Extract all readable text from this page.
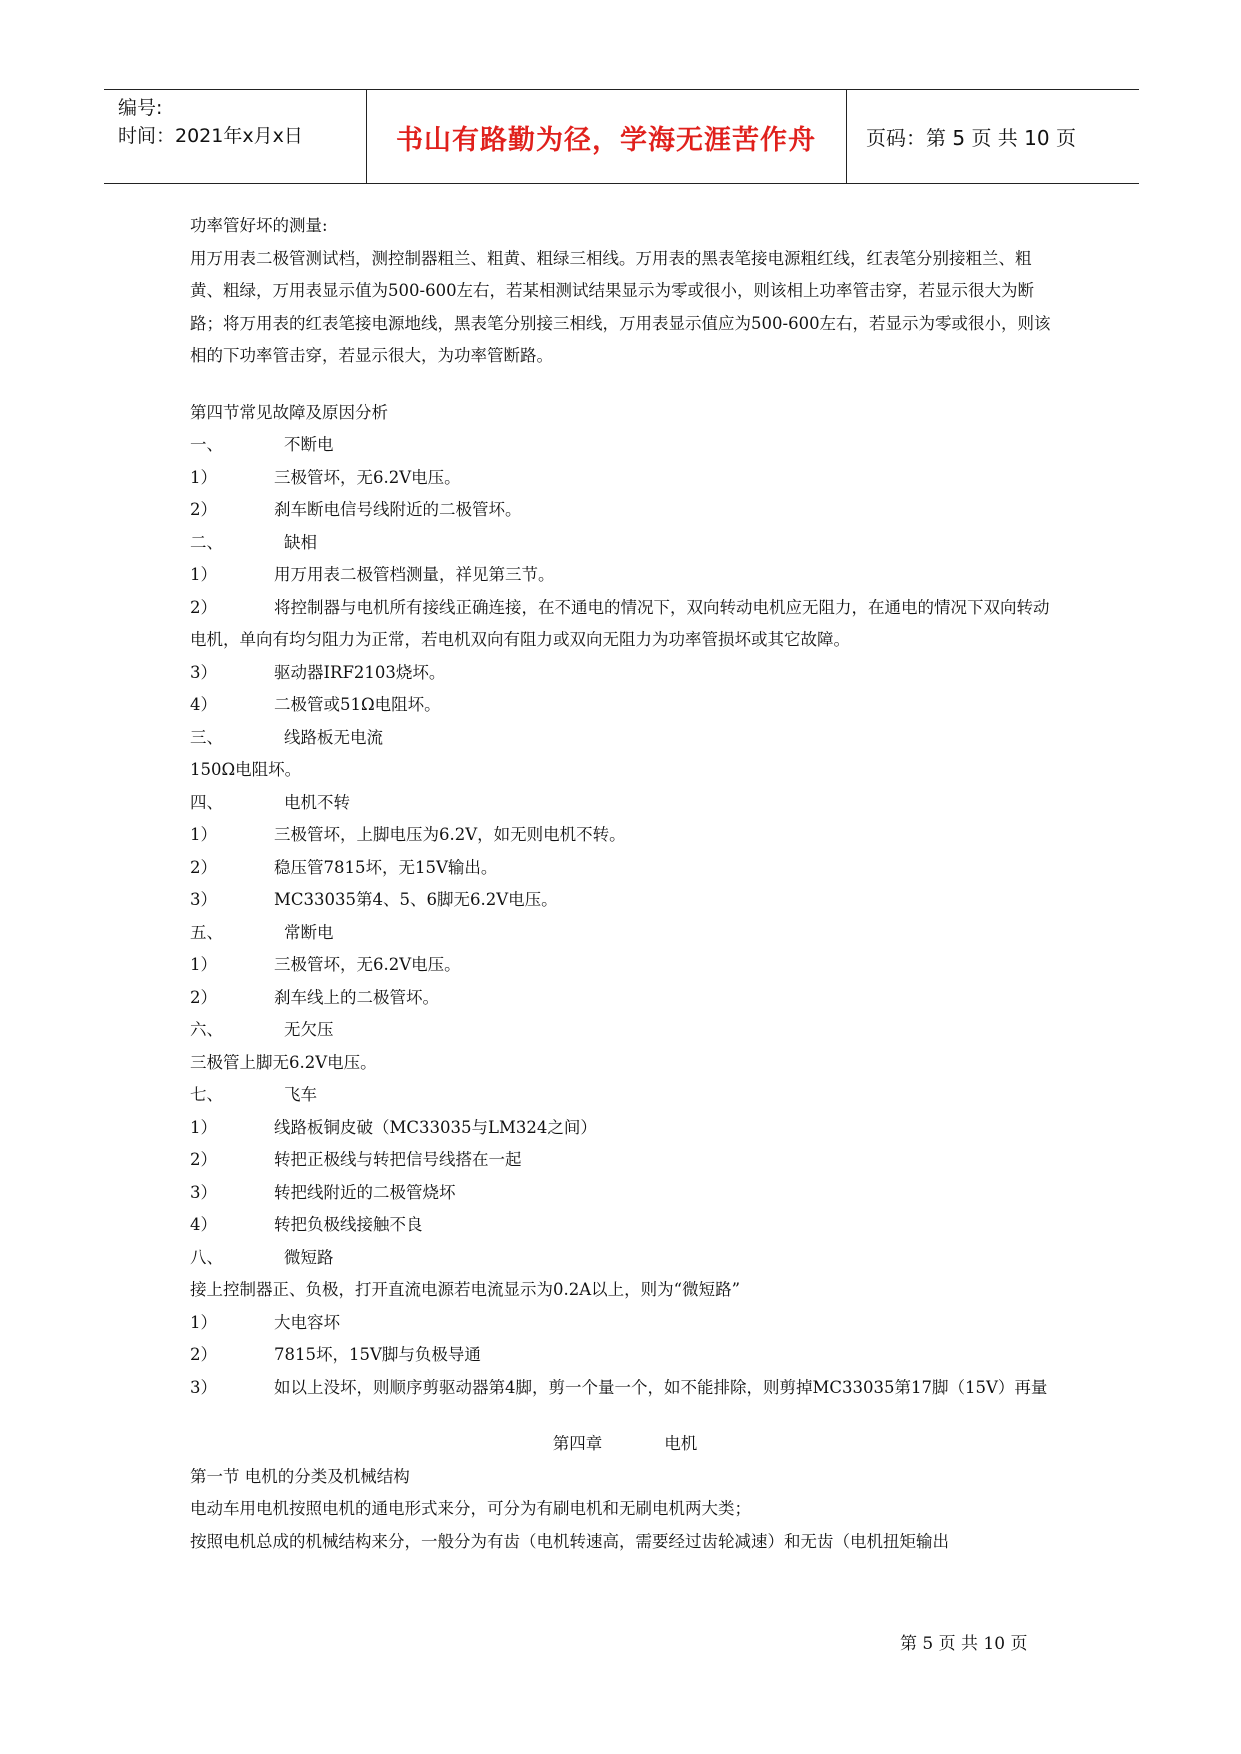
编号:
时间：2021年x月x日	书山有路勤为径，学海无涯苦作舟	页码：第 5 页 共 10 页

功率管好坏的测量:

用万用表二极管测试档，测控制器粗兰、粗黄、粗绿三相线。万用表的黑表笔接电源粗红线，红表笔分别接粗兰、粗黄、粗绿，万用表显示值为500-600左右，若某相测试结果显示为零或很小，则该相上功率管击穿，若显示很大为断路；将万用表的红表笔接电源地线，黑表笔分别接三相线，万用表显示值应为500-600左右，若显示为零或很小，则该相的下功率管击穿，若显示很大，为功率管断路。

第四节常见故障及原因分析

一、	不断电

1）	三极管坏，无6.2V电压。

2）	刹车断电信号线附近的二极管坏。

二、	缺相

1）	用万用表二极管档测量，祥见第三节。

2）	将控制器与电机所有接线正确连接，在不通电的情况下，双向转动电机应无阻力，在通电的情况下双向转动电机，单向有均匀阻力为正常，若电机双向有阻力或双向无阻力为功率管损坏或其它故障。

3）	驱动器IRF2103烧坏。

4）	二极管或51Ω电阻坏。

三、	线路板无电流

150Ω电阻坏。

四、	电机不转

1）	三极管坏，上脚电压为6.2V，如无则电机不转。

2）	稳压管7815坏，无15V输出。

3）	MC33035第4、5、6脚无6.2V电压。

五、	常断电

1）	三极管坏，无6.2V电压。

2）	刹车线上的二极管坏。

六、	无欠压

三极管上脚无6.2V电压。

七、	飞车

1）	线路板铜皮破（MC33035与LM324之间）

2）	转把正极线与转把信号线搭在一起

3）	转把线附近的二极管烧坏

4）	转把负极线接触不良

八、	微短路

接上控制器正、负极，打开直流电源若电流显示为0.2A以上，则为“微短路”

1）	大电容坏

2）	7815坏，15V脚与负极导通

3）	如以上没坏，则顺序剪驱动器第4脚，剪一个量一个，如不能排除，则剪掉MC33035第17脚（15V）再量

第四章	电机

第一节 电机的分类及机械结构

电动车用电机按照电机的通电形式来分，可分为有刷电机和无刷电机两大类；

按照电机总成的机械结构来分，一般分为有齿（电机转速高，需要经过齿轮减速）和无齿（电机扭矩输出

第 5 页 共 10 页
